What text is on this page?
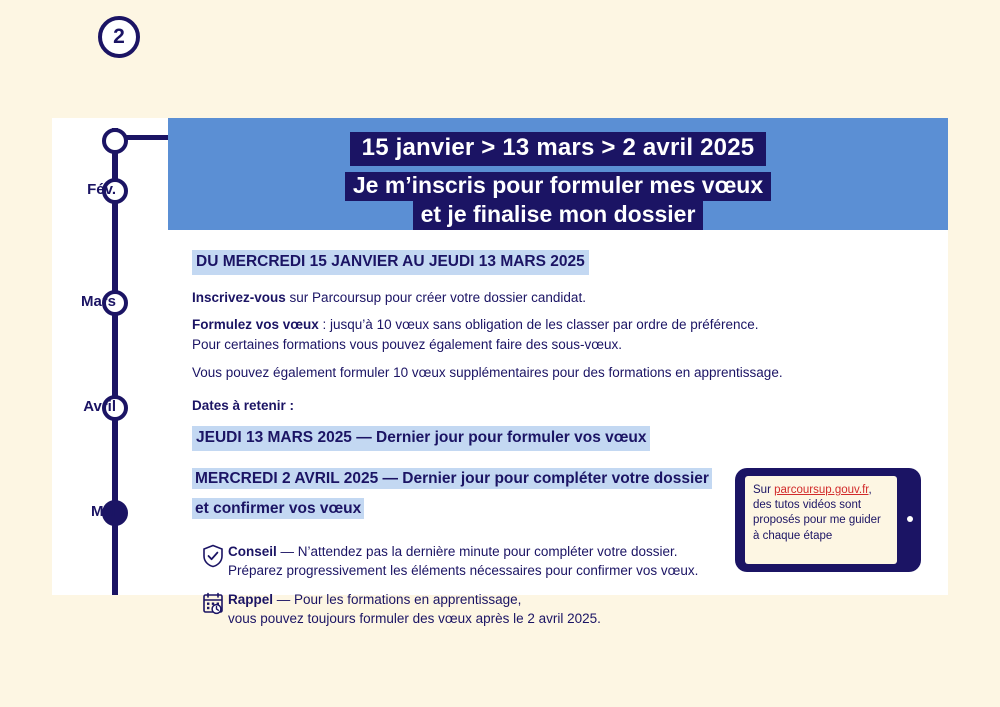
Fév.
Mars
Avril
Mai
2
15 janvier > 13 mars > 2 avril 2025
Je m’inscris pour formuler mes vœux
et je finalise mon dossier
DU MERCREDI 15 JANVIER AU JEUDI 13 MARS 2025

Inscrivez-vous sur Parcoursup pour créer votre dossier candidat.

Formulez vos vœux : jusqu’à 10 vœux sans obligation de les classer par ordre de préférence.

Pour certaines formations vous pouvez également faire des sous-vœux.

Vous pouvez également formuler 10 vœux supplémentaires pour des formations en apprentissage.

Dates à retenir :
JEUDI 13 MARS 2025 — Dernier jour pour formuler vos vœux
MERCREDI 2 AVRIL 2025 — Dernier jour pour compléter votre dossier
et confirmer vos vœux
Conseil — N’attendez pas la dernière minute pour compléter votre dossier.
Préparez progressivement les éléments nécessaires pour confirmer vos vœux.
Rappel — Pour les formations en apprentissage,
vous pouvez toujours formuler des vœux après le 2 avril 2025.
Sur parcoursup.gouv.fr,
des tutos vidéos sont
proposés pour me guider
à chaque étape
